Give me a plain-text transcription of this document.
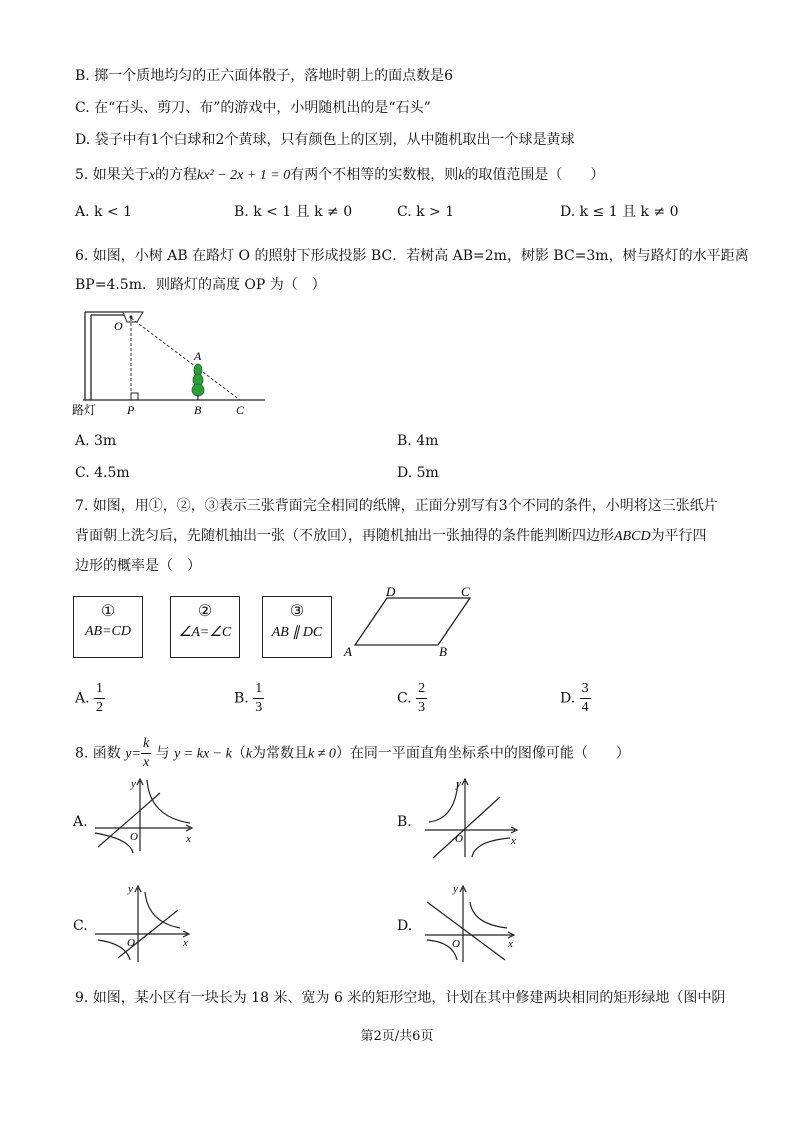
B. 掷一个质地均匀的正六面体骰子，落地时朝上的面点数是6
C. 在“石头、剪刀、布”的游戏中，小明随机出的是“石头”
D. 袋子中有1个白球和2个黄球，只有颜色上的区别，从中随机取出一个球是黄球
5. 如果关于x的方程kx² − 2x + 1 = 0有两个不相等的实数根，则k的取值范围是（　　）
A. k < 1	B. k < 1 且 k ≠ 0	C. k > 1	D. k ≤ 1 且 k ≠ 0
6. 如图，小树 AB 在路灯 O 的照射下形成投影 BC．若树高 AB=2m，树影 BC=3m，树与路灯的水平距离
BP=4.5m．则路灯的高度 OP 为（　）
O
A
P	B	C
路灯
A. 3m	B. 4m
C. 4.5m	D. 5m
7. 如图，用①，②，③表示三张背面完全相同的纸牌，正面分别写有3个不同的条件，小明将这三张纸片
背面朝上洗匀后，先随机抽出一张（不放回），再随机抽出一张抽得的条件能判断四边形ABCD为平行四
边形的概率是（　）
①
AB=CD
②
∠A=∠C
③
AB ∥ DC
D	C
A	B
A. $\frac{1}{2}$	B. $\frac{1}{3}$	C. $\frac{2}{3}$	D. $\frac{3}{4}$
8. 函数 $y= \frac{k}{x}$ 与 y = kx − k（k为常数且k ≠ 0）在同一平面直角坐标系中的图像可能（　　）
A.
y
x
O
B.
y
x
O
C.
y
x
O
D.
y
x
O
9. 如图，某小区有一块长为 18 米、宽为 6 米的矩形空地，计划在其中修建两块相同的矩形绿地（图中阴
第2页/共6页
